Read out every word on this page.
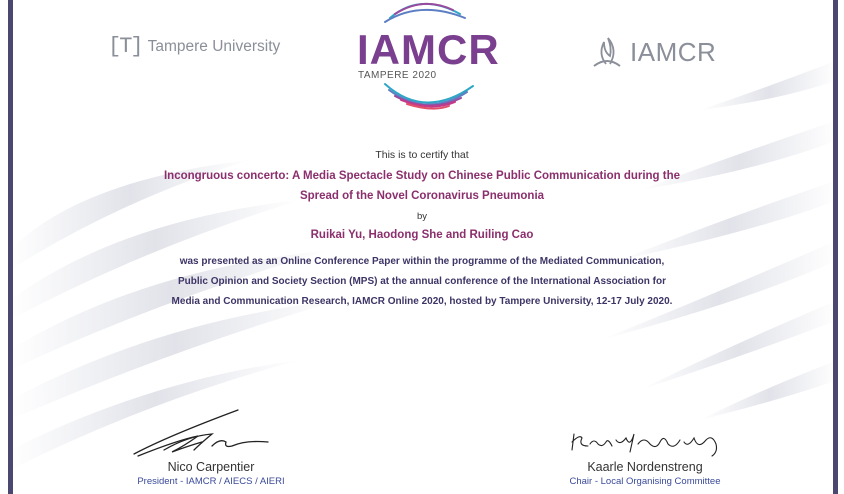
[T] Tampere University IAMCR
TAMPERE 2020
IAMCR
This is to certify that
Incongruous concerto: A Media Spectacle Study on Chinese Public Communication during the
Spread of the Novel Coronavirus Pneumonia
by
Ruikai Yu, Haodong She and Ruiling Cao
was presented as an Online Conference Paper within the programme of the Mediated Communication,
Public Opinion and Society Section (MPS) at the annual conference of the International Association for
Media and Communication Research, IAMCR Online 2020, hosted by Tampere University, 12-17 July 2020.
Nico Carpentier
President - IAMCR / AIECS / AIERI
Kaarle Nordenstreng
Chair - Local Organising Committee
